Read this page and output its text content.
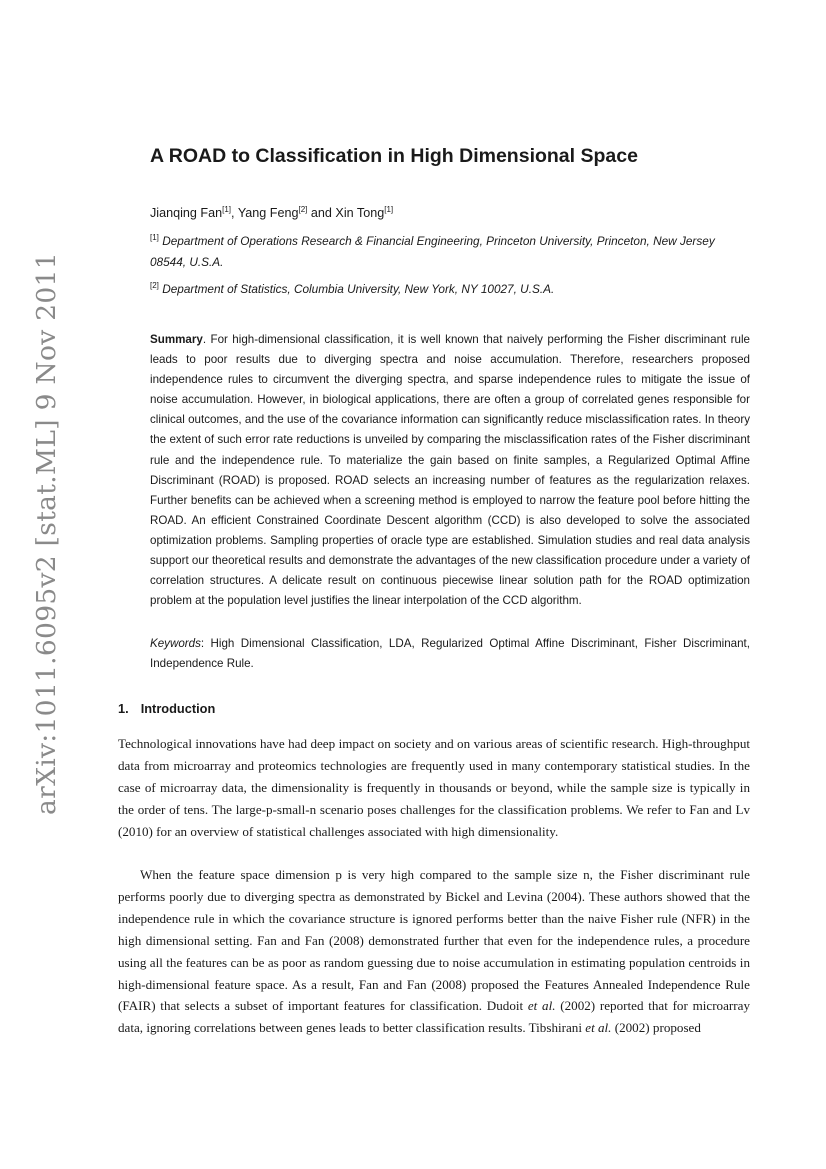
arXiv:1011.6095v2 [stat.ML] 9 Nov 2011
A ROAD to Classification in High Dimensional Space
Jianqing Fan[1], Yang Feng[2] and Xin Tong[1]
[1] Department of Operations Research & Financial Engineering, Princeton University, Princeton, New Jersey 08544, U.S.A.
[2] Department of Statistics, Columbia University, New York, NY 10027, U.S.A.

Summary. For high-dimensional classification, it is well known that naively performing the Fisher discriminant rule leads to poor results due to diverging spectra and noise accumulation. Therefore, researchers proposed independence rules to circumvent the diverging spectra, and sparse independence rules to mitigate the issue of noise accumulation. However, in biological applications, there are often a group of correlated genes responsible for clinical outcomes, and the use of the covariance information can significantly reduce misclassification rates. In theory the extent of such error rate reductions is unveiled by comparing the misclassification rates of the Fisher discriminant rule and the independence rule. To materialize the gain based on finite samples, a Regularized Optimal Affine Discriminant (ROAD) is proposed. ROAD selects an increasing number of features as the regularization relaxes. Further benefits can be achieved when a screening method is employed to narrow the feature pool before hitting the ROAD. An efficient Constrained Coordinate Descent algorithm (CCD) is also developed to solve the associated optimization problems. Sampling properties of oracle type are established. Simulation studies and real data analysis support our theoretical results and demonstrate the advantages of the new classification procedure under a variety of correlation structures. A delicate result on continuous piecewise linear solution path for the ROAD optimization problem at the population level justifies the linear interpolation of the CCD algorithm.

Keywords: High Dimensional Classification, LDA, Regularized Optimal Affine Discriminant, Fisher Discriminant, Independence Rule.

1. Introduction

Technological innovations have had deep impact on society and on various areas of scientific research. High-throughput data from microarray and proteomics technologies are frequently used in many contemporary statistical studies. In the case of microarray data, the dimensionality is frequently in thousands or beyond, while the sample size is typically in the order of tens. The large-p-small-n scenario poses challenges for the classification problems. We refer to Fan and Lv (2010) for an overview of statistical challenges associated with high dimensionality.

When the feature space dimension p is very high compared to the sample size n, the Fisher discriminant rule performs poorly due to diverging spectra as demonstrated by Bickel and Levina (2004). These authors showed that the independence rule in which the covariance structure is ignored performs better than the naive Fisher rule (NFR) in the high dimensional setting. Fan and Fan (2008) demonstrated further that even for the independence rules, a procedure using all the features can be as poor as random guessing due to noise accumulation in estimating population centroids in high-dimensional feature space. As a result, Fan and Fan (2008) proposed the Features Annealed Independence Rule (FAIR) that selects a subset of important features for classification. Dudoit et al. (2002) reported that for microarray data, ignoring correlations between genes leads to better classification results. Tibshirani et al. (2002) proposed
